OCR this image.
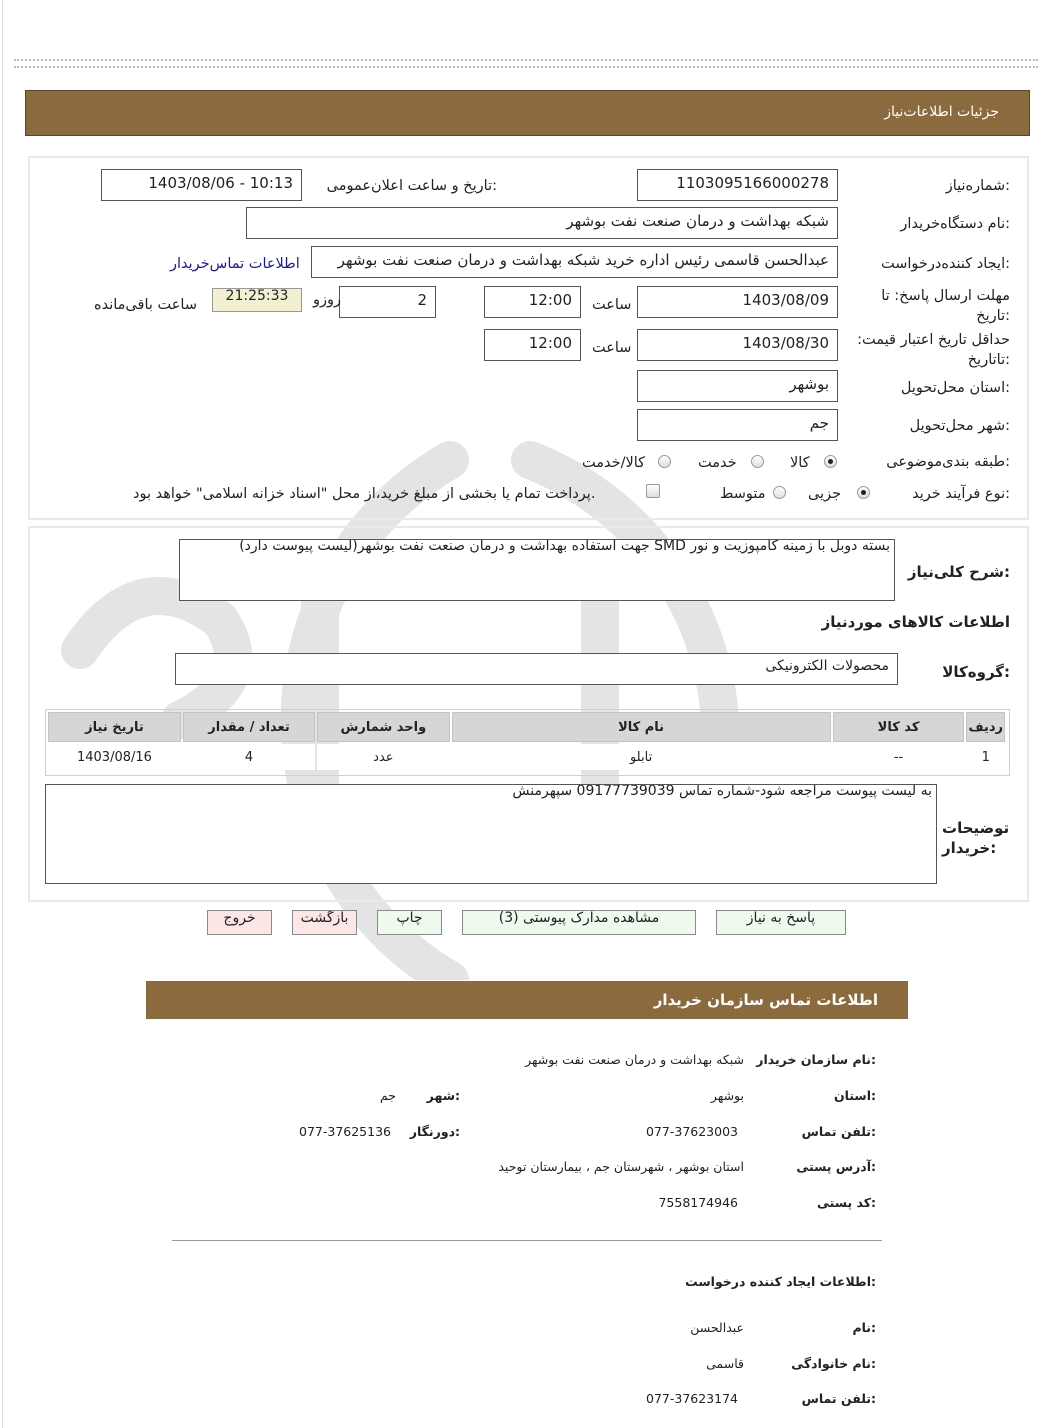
جزئیات اطلاعات‌نیاز
شماره‌نیاز:
1103095166000278
تاریخ و ساعت اعلان‌عمومی:
1403/08/06 - 10:13
نام دستگاه‌خریدار:
شبکه بهداشت و درمان صنعت نفت بوشهر
ایجاد کننده‌درخواست:
عبدالحسن قاسمی رئیس اداره خرید شبکه بهداشت و درمان صنعت نفت بوشهر
اطلاعات تماس‌خریدار
مهلت ارسال پاسخ: تا تاریخ:
1403/08/09
ساعت
12:00
2
روزو
21:25:33
ساعت باقی‌مانده
حداقل تاریخ اعتبار قیمت: تاتاریخ:
1403/08/30
ساعت
12:00
استان محل‌تحویل:
بوشهر
شهر محل‌تحویل:
جم
طبقه بندی‌موضوعی:
کالا
خدمت
کالا/خدمت
نوع فرآیند خرید:
جزیی
متوسط
پرداخت تمام یا بخشی از مبلغ خرید،از محل "اسناد خزانه اسلامی" خواهد بود.
شرح کلی‌نیاز:
بسته دوبل با زمینه کامپوزیت و نور SMD جهت استفاده بهداشت و درمان صنعت نفت بوشهر(لیست پیوست دارد)
اطلاعات کالاهای موردنیاز
گروه‌کالا:
محصولات الکترونیکی
ردیف	کد کالا	نام کالا	واحد شمارش	تعداد / مقدار	تاریخ نیاز
1	--	تابلو	عدد	4	1403/08/16
توضیحات خریدار:
به لیست پیوست مراجعه شود-شماره تماس 09177739039 سپهرمنش
پاسخ به نیاز
مشاهده مدارک پیوستی (3)
چاپ
بازگشت
خروج
اطلاعات تماس سازمان خریدار
نام سازمان خریدار:
شبکه بهداشت و درمان صنعت نفت بوشهر
استان:
بوشهر
شهر:
جم
تلفن تماس:
077-37623003
دورنگار:
077-37625136
آدرس پستی:
استان بوشهر ، شهرستان جم ، بیمارستان توحید
کد پستی:
7558174946
اطلاعات ایجاد کننده درخواست:
نام:
عبدالحسن
نام خانوادگی:
قاسمی
تلفن تماس:
077-37623174
